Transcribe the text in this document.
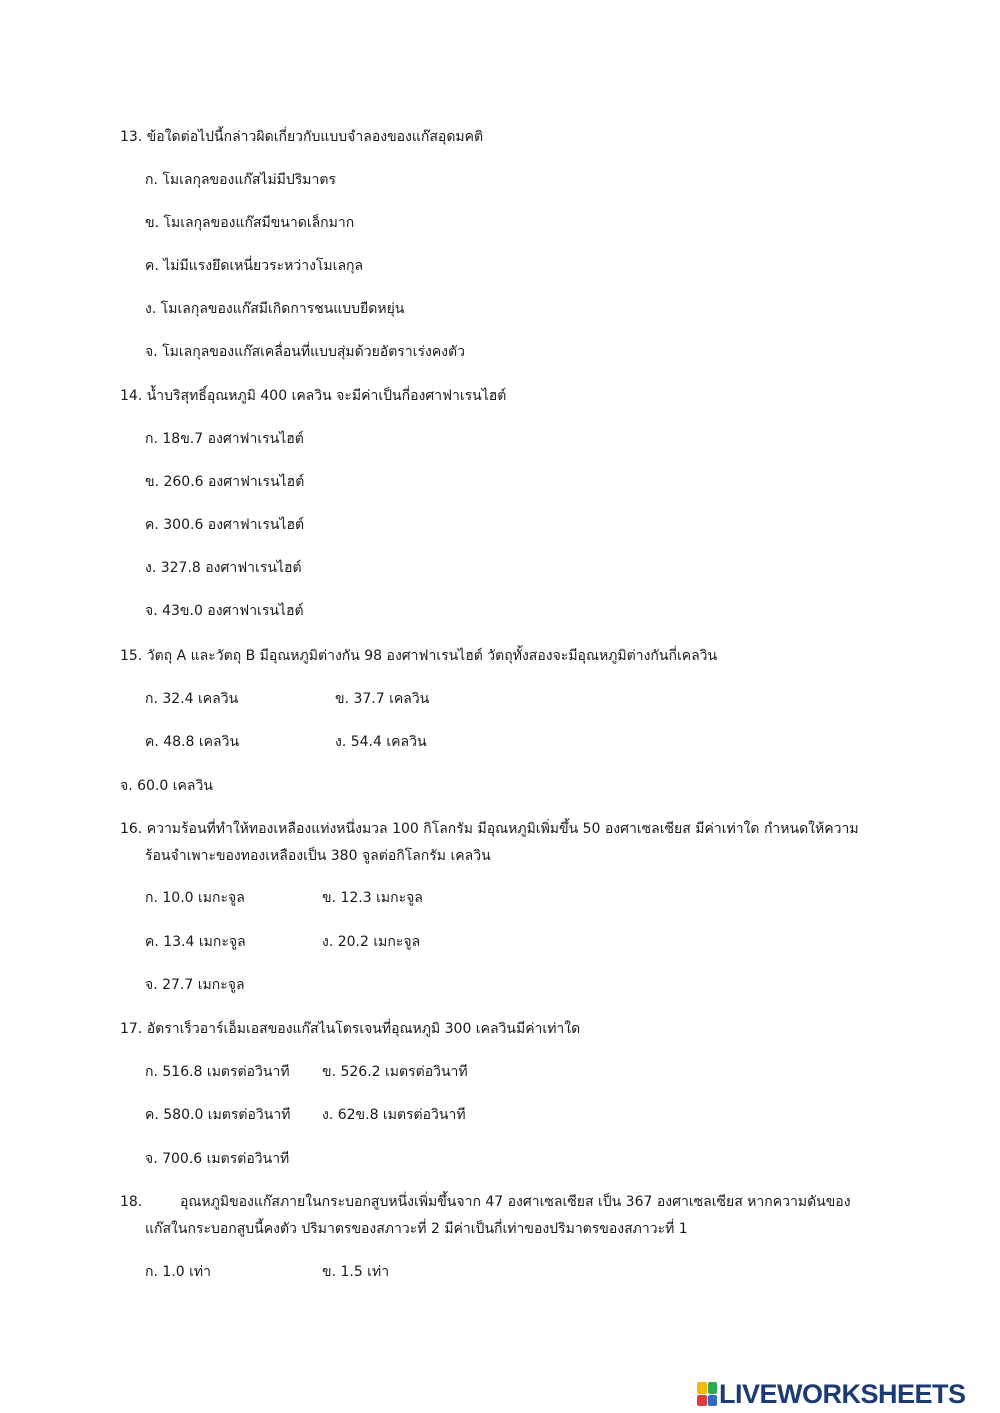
13. ข้อใดต่อไปนี้กล่าวผิดเกี่ยวกับแบบจำลองของแก๊สอุดมคติ
ก. โมเลกุลของแก๊สไม่มีปริมาตร
ข. โมเลกุลของแก๊สมีขนาดเล็กมาก
ค. ไม่มีแรงยึดเหนี่ยวระหว่างโมเลกุล
ง. โมเลกุลของแก๊สมีเกิดการชนแบบยืดหยุ่น
จ. โมเลกุลของแก๊สเคลื่อนที่แบบสุ่มด้วยอัตราเร่งคงตัว
14. น้ำบริสุทธิ์อุณหภูมิ 400 เคลวิน จะมีค่าเป็นกี่องศาฟาเรนไฮต์
ก. 18ข.7 องศาฟาเรนไฮต์
ข. 260.6 องศาฟาเรนไฮต์
ค. 300.6 องศาฟาเรนไฮต์
ง. 327.8 องศาฟาเรนไฮต์
จ. 43ข.0 องศาฟาเรนไฮต์
15. วัตถุ A และวัตถุ B มีอุณหภูมิต่างกัน 98 องศาฟาเรนไฮต์ วัตถุทั้งสองจะมีอุณหภูมิต่างกันกี่เคลวิน
ก. 32.4 เคลวิน	ข. 37.7 เคลวิน
ค. 48.8 เคลวิน	ง. 54.4 เคลวิน
จ. 60.0 เคลวิน
16. ความร้อนที่ทำให้ทองเหลืองแท่งหนึ่งมวล 100 กิโลกรัม มีอุณหภูมิเพิ่มขึ้น 50 องศาเซลเซียส มีค่าเท่าใด กำหนดให้ความ
ร้อนจำเพาะของทองเหลืองเป็น 380 จูลต่อกิโลกรัม เคลวิน
ก. 10.0 เมกะจูล	ข. 12.3 เมกะจูล
ค. 13.4 เมกะจูล	ง. 20.2 เมกะจูล
จ. 27.7 เมกะจูล
17. อัตราเร็วอาร์เอ็มเอสของแก๊สไนโตรเจนที่อุณหภูมิ 300 เคลวินมีค่าเท่าใด
ก. 516.8 เมตรต่อวินาที ข. 526.2 เมตรต่อวินาที
ค. 580.0 เมตรต่อวินาที ง. 62ข.8 เมตรต่อวินาที
จ. 700.6 เมตรต่อวินาที
18.	อุณหภูมิของแก๊สภายในกระบอกสูบหนึ่งเพิ่มขึ้นจาก 47 องศาเซลเซียส เป็น 367 องศาเซลเซียส หากความดันของ
แก๊สในกระบอกสูบนี้คงตัว ปริมาตรของสภาวะที่ 2 มีค่าเป็นกี่เท่าของปริมาตรของสภาวะที่ 1
ก. 1.0 เท่า	ข. 1.5 เท่า
LIVEWORKSHEETS
